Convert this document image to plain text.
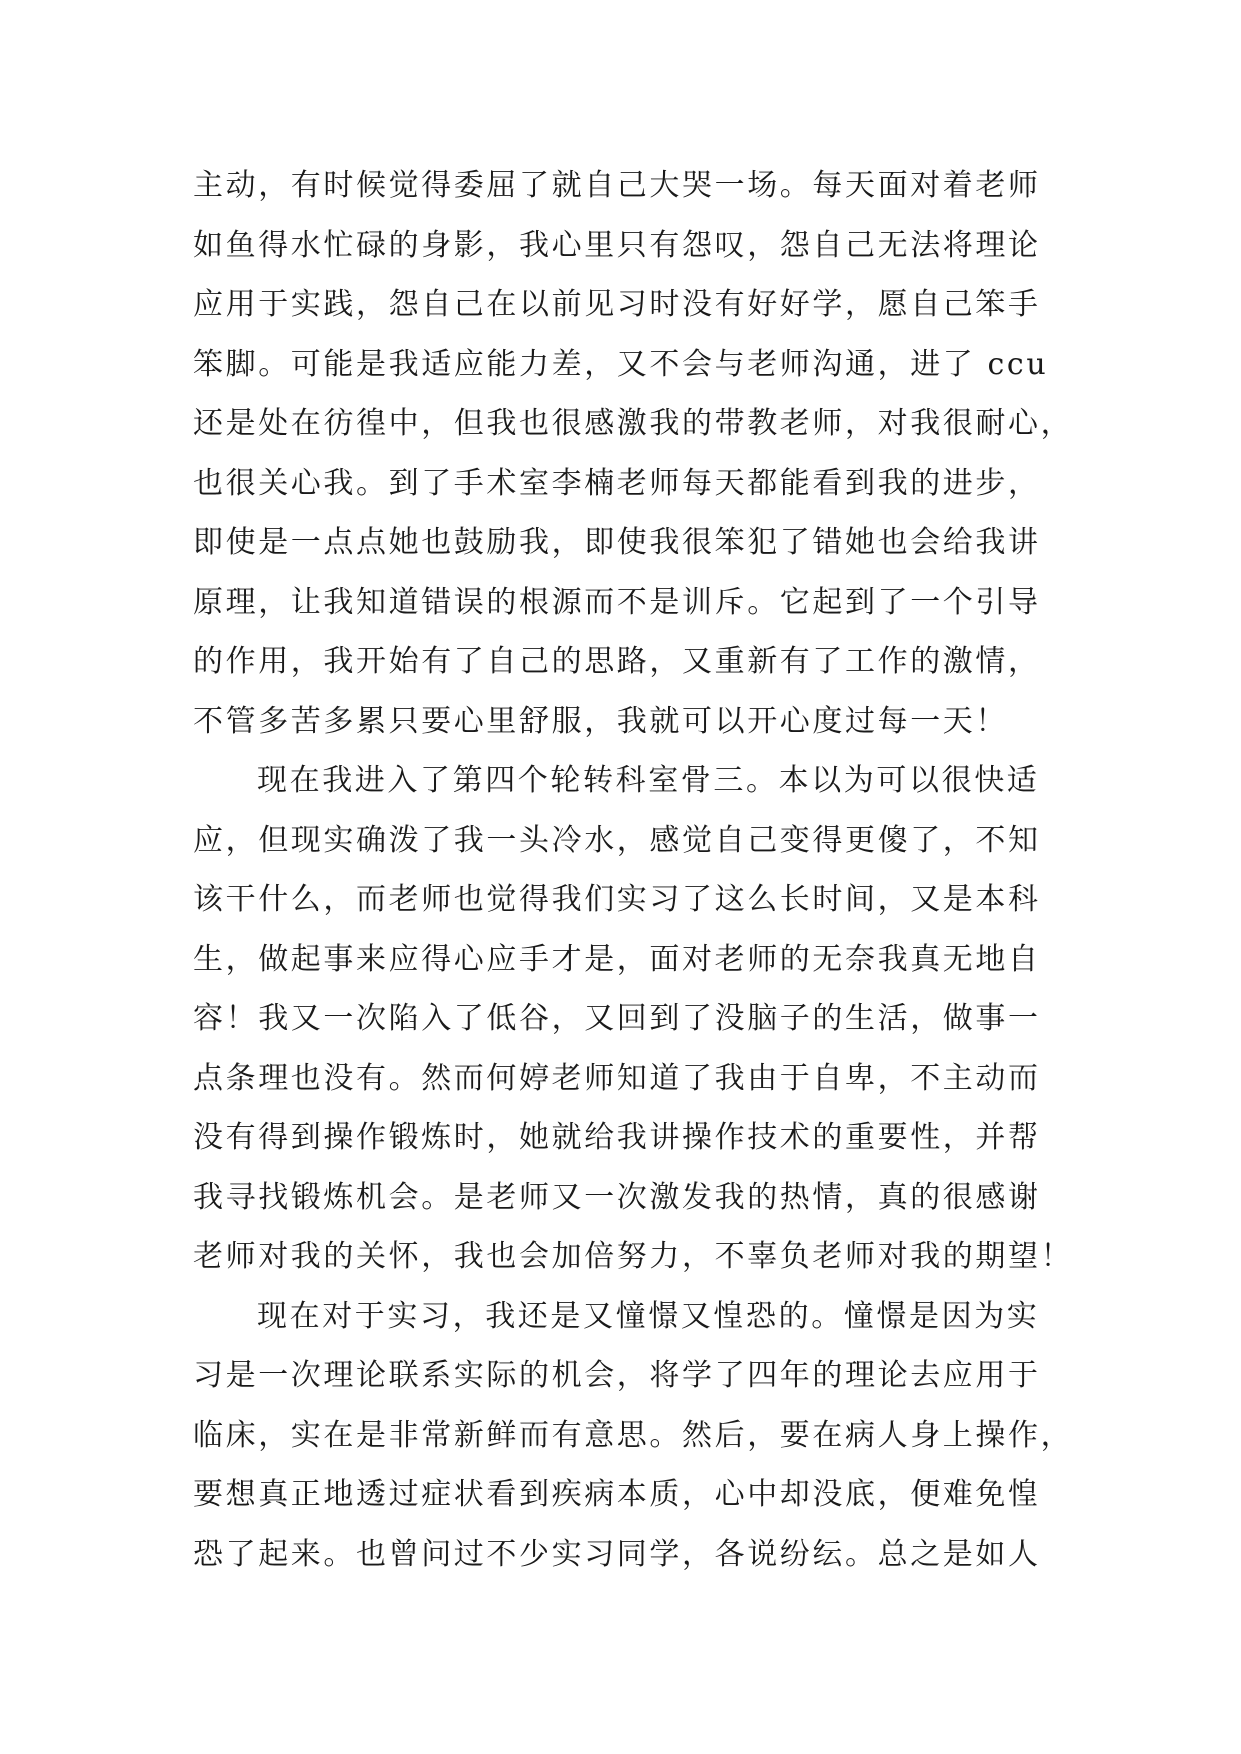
主动，有时候觉得委屈了就自己大哭一场。每天面对着老师
如鱼得水忙碌的身影，我心里只有怨叹，怨自己无法将理论
应用于实践，怨自己在以前见习时没有好好学，愿自己笨手
笨脚。可能是我适应能力差，又不会与老师沟通，进了 ccu
还是处在彷徨中，但我也很感激我的带教老师，对我很耐心，
也很关心我。到了手术室李楠老师每天都能看到我的进步，
即使是一点点她也鼓励我，即使我很笨犯了错她也会给我讲
原理，让我知道错误的根源而不是训斥。它起到了一个引导
的作用，我开始有了自己的思路，又重新有了工作的激情，
不管多苦多累只要心里舒服，我就可以开心度过每一天！
现在我进入了第四个轮转科室骨三。本以为可以很快适
应，但现实确泼了我一头冷水，感觉自己变得更傻了，不知
该干什么，而老师也觉得我们实习了这么长时间，又是本科
生，做起事来应得心应手才是，面对老师的无奈我真无地自
容！我又一次陷入了低谷，又回到了没脑子的生活，做事一
点条理也没有。然而何婷老师知道了我由于自卑，不主动而
没有得到操作锻炼时，她就给我讲操作技术的重要性，并帮
我寻找锻炼机会。是老师又一次激发我的热情，真的很感谢
老师对我的关怀，我也会加倍努力，不辜负老师对我的期望！
现在对于实习，我还是又憧憬又惶恐的。憧憬是因为实
习是一次理论联系实际的机会，将学了四年的理论去应用于
临床，实在是非常新鲜而有意思。然后，要在病人身上操作，
要想真正地透过症状看到疾病本质，心中却没底，便难免惶
恐了起来。也曾问过不少实习同学，各说纷纭。总之是如人
